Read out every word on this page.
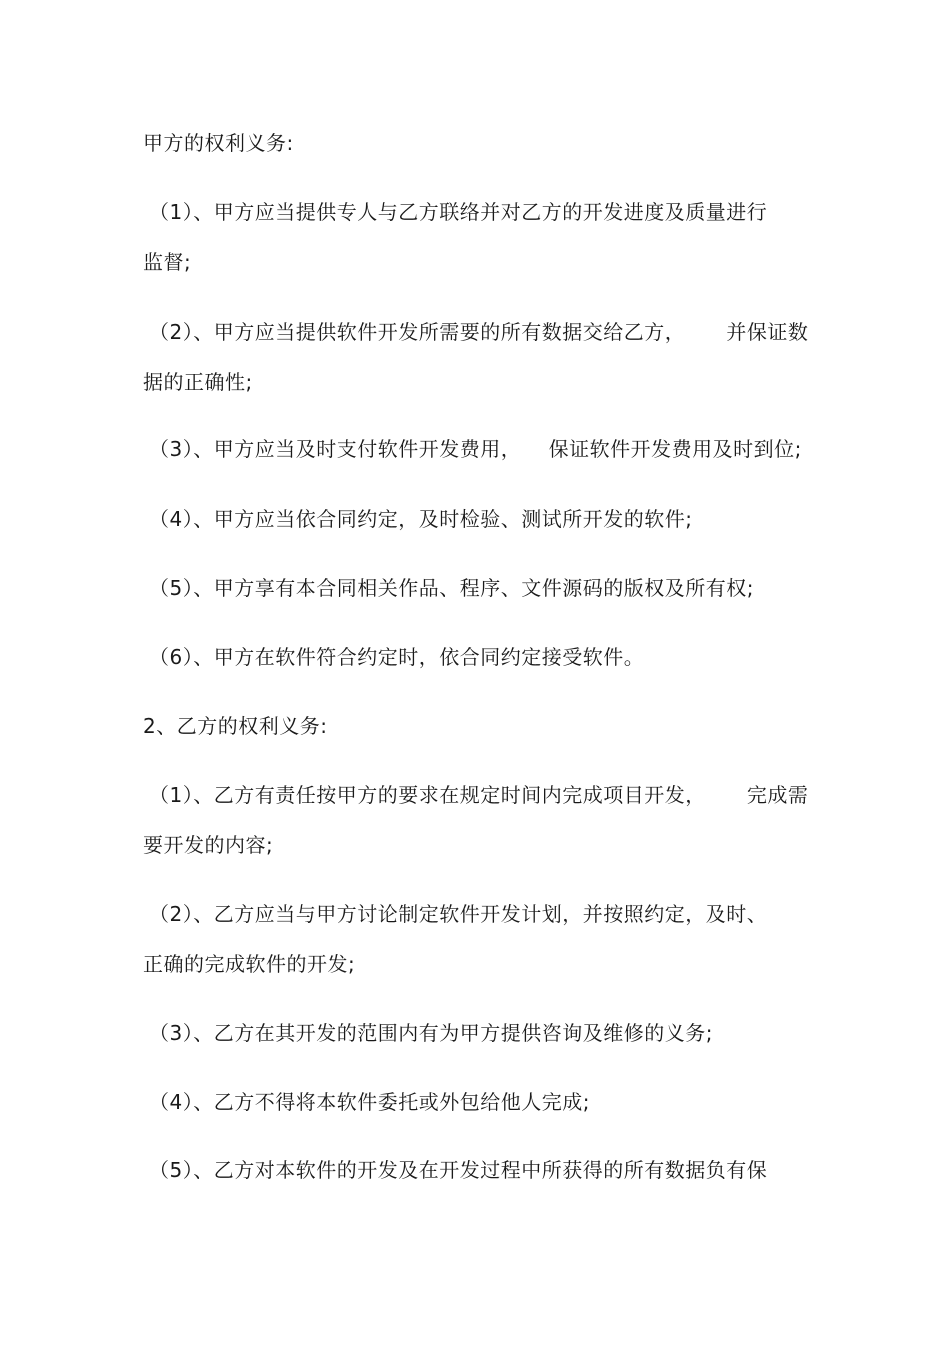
甲方的权利义务:
（1）、甲方应当提供专人与乙方联络并对乙方的开发进度及质量进行
监督;
（2）、甲方应当提供软件开发所需要的所有数据交给乙方，      并保证数
据的正确性;
（3）、甲方应当及时支付软件开发费用，    保证软件开发费用及时到位;
（4）、甲方应当依合同约定，及时检验、测试所开发的软件;
（5）、甲方享有本合同相关作品、程序、文件源码的版权及所有权;
（6）、甲方在软件符合约定时，依合同约定接受软件。
2、乙方的权利义务:
（1）、乙方有责任按甲方的要求在规定时间内完成项目开发，      完成需
要开发的内容;
（2）、乙方应当与甲方讨论制定软件开发计划，并按照约定，及时、
正确的完成软件的开发;
（3）、乙方在其开发的范围内有为甲方提供咨询及维修的义务;
（4）、乙方不得将本软件委托或外包给他人完成;
（5）、乙方对本软件的开发及在开发过程中所获得的所有数据负有保
